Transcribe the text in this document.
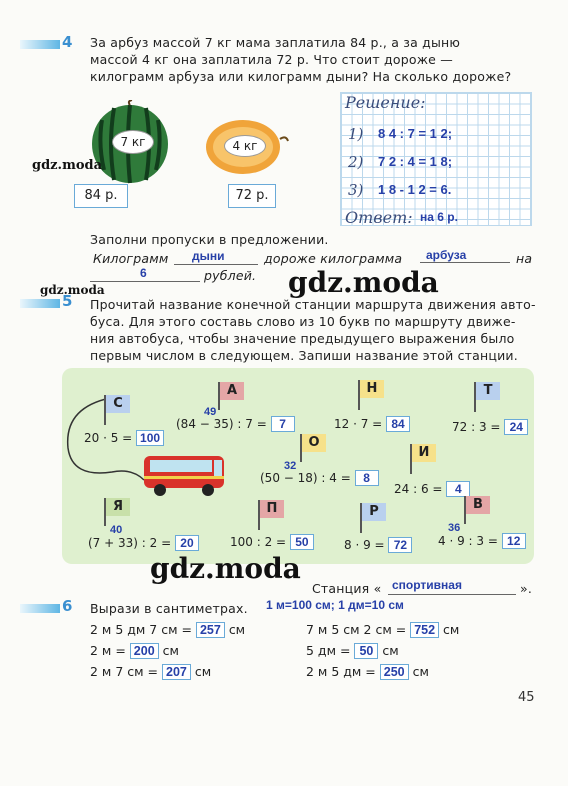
4 За арбуз массой 7 кг мама заплатила 84 р., а за дыню
массой 4 кг она заплатила 72 р. Что стоит дороже —
килограмм арбуза или килограмм дыни? На сколько дороже?
7 кг
84 р.
4 кг
72 р.
Решение:
1) 8 4 : 7 = 1 2;
2) 7 2 : 4 = 1 8;
3) 1 8 - 1 2 = 6.
Ответ: на 6 р.
Заполни пропуски в предложении.
Килограмм дыни	дороже килограмма арбуза	на
6	рублей.
5 Прочитай название конечной станции маршрута движения авто-
буса. Для этого составь слово из 10 букв по маршруту движе-
ния автобуса, чтобы значение предыдущего выражения было
первым числом в следующем. Запиши название этой станции.
С
20 · 5 = 100
А
49
(84 − 35) : 7 = 7
Н
12 · 7 = 84
Т
72 : 3 = 24
О
32
(50 − 18) : 4 = 8
И
24 : 6 = 4
Я
40
(7 + 33) : 2 = 20
П
100 : 2 = 50
Р
8 · 9 = 72
В
36
4 · 9 : 3 = 12
Станция « спортивная	».
6 Вырази в сантиметрах. 1 м=100 см; 1 дм=10 см
2 м 5 дм 7 см = 257 см
2 м = 200 см
2 м 7 см = 207 см
7 м 5 см 2 см = 752 см
5 дм = 50 см
2 м 5 дм = 250 см
45
gdz.moda
gdz.moda
gdz.moda
gdz.moda
